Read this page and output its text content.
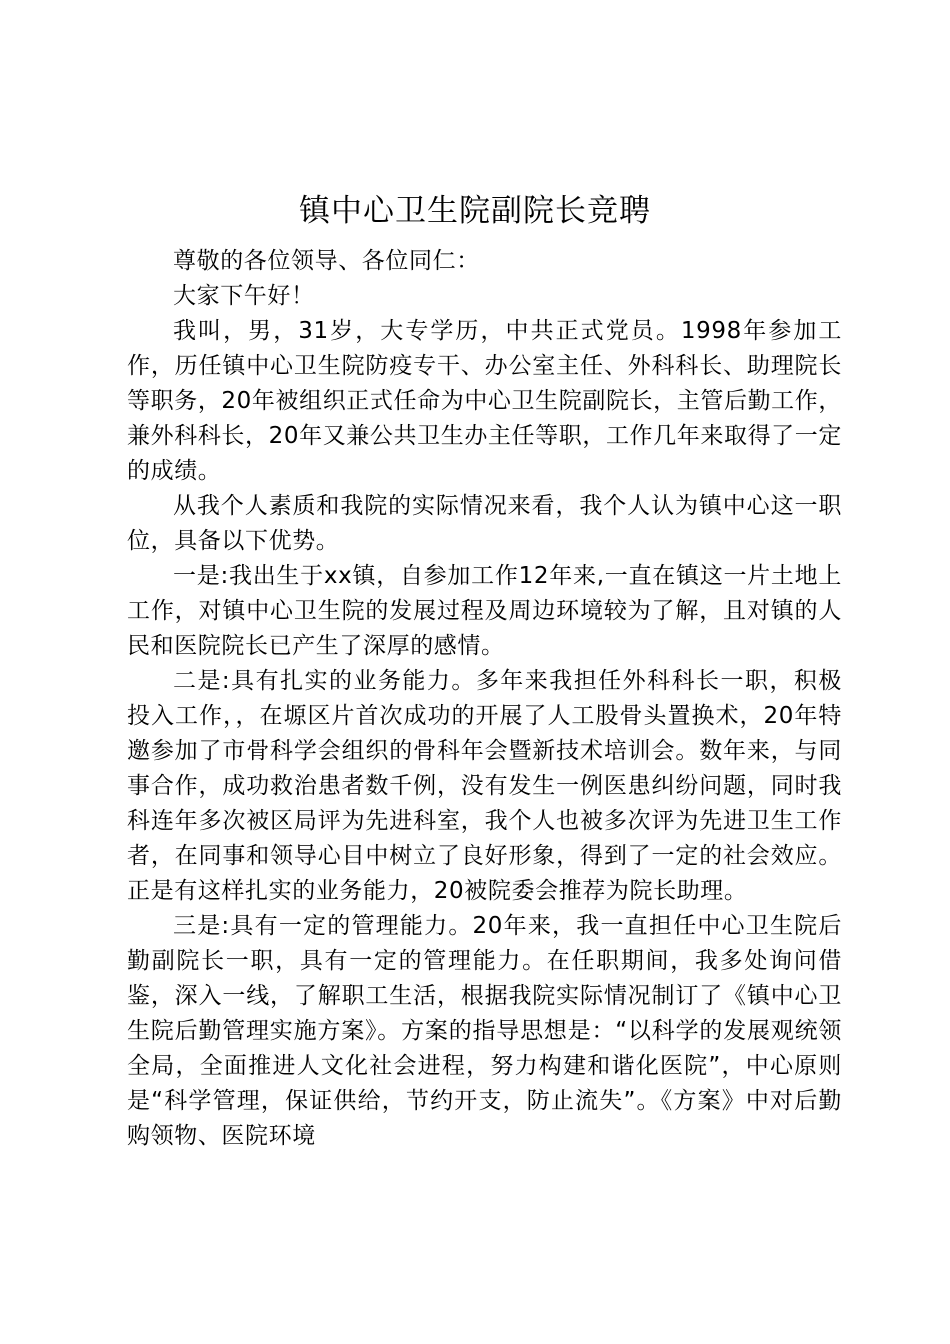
镇中心卫生院副院长竞聘

尊敬的各位领导、各位同仁：

大家下午好！

我叫，男，31岁，大专学历，中共正式党员。1998年参加工作，历任镇中心卫生院防疫专干、办公室主任、外科科长、助理院长等职务，20年被组织正式任命为中心卫生院副院长，主管后勤工作，兼外科科长，20年又兼公共卫生办主任等职，工作几年来取得了一定的成绩。

从我个人素质和我院的实际情况来看，我个人认为镇中心这一职位，具备以下优势。

一是:我出生于xx镇，自参加工作12年来,一直在镇这一片土地上工作，对镇中心卫生院的发展过程及周边环境较为了解，且对镇的人民和医院院长已产生了深厚的感情。

二是:具有扎实的业务能力。多年来我担任外科科长一职，积极投入工作，，在塬区片首次成功的开展了人工股骨头置换术，20年特邀参加了市骨科学会组织的骨科年会暨新技术培训会。数年来，与同事合作，成功救治患者数千例，没有发生一例医患纠纷问题，同时我科连年多次被区局评为先进科室，我个人也被多次评为先进卫生工作者，在同事和领导心目中树立了良好形象，得到了一定的社会效应。正是有这样扎实的业务能力，20被院委会推荐为院长助理。

三是:具有一定的管理能力。20年来，我一直担任中心卫生院后勤副院长一职，具有一定的管理能力。在任职期间，我多处询问借鉴，深入一线，了解职工生活，根据我院实际情况制订了《镇中心卫生院后勤管理实施方案》。方案的指导思想是：“以科学的发展观统领全局，全面推进人文化社会进程，努力构建和谐化医院”，中心原则是“科学管理，保证供给，节约开支，防止流失”。《方案》中对后勤购领物、医院环境
